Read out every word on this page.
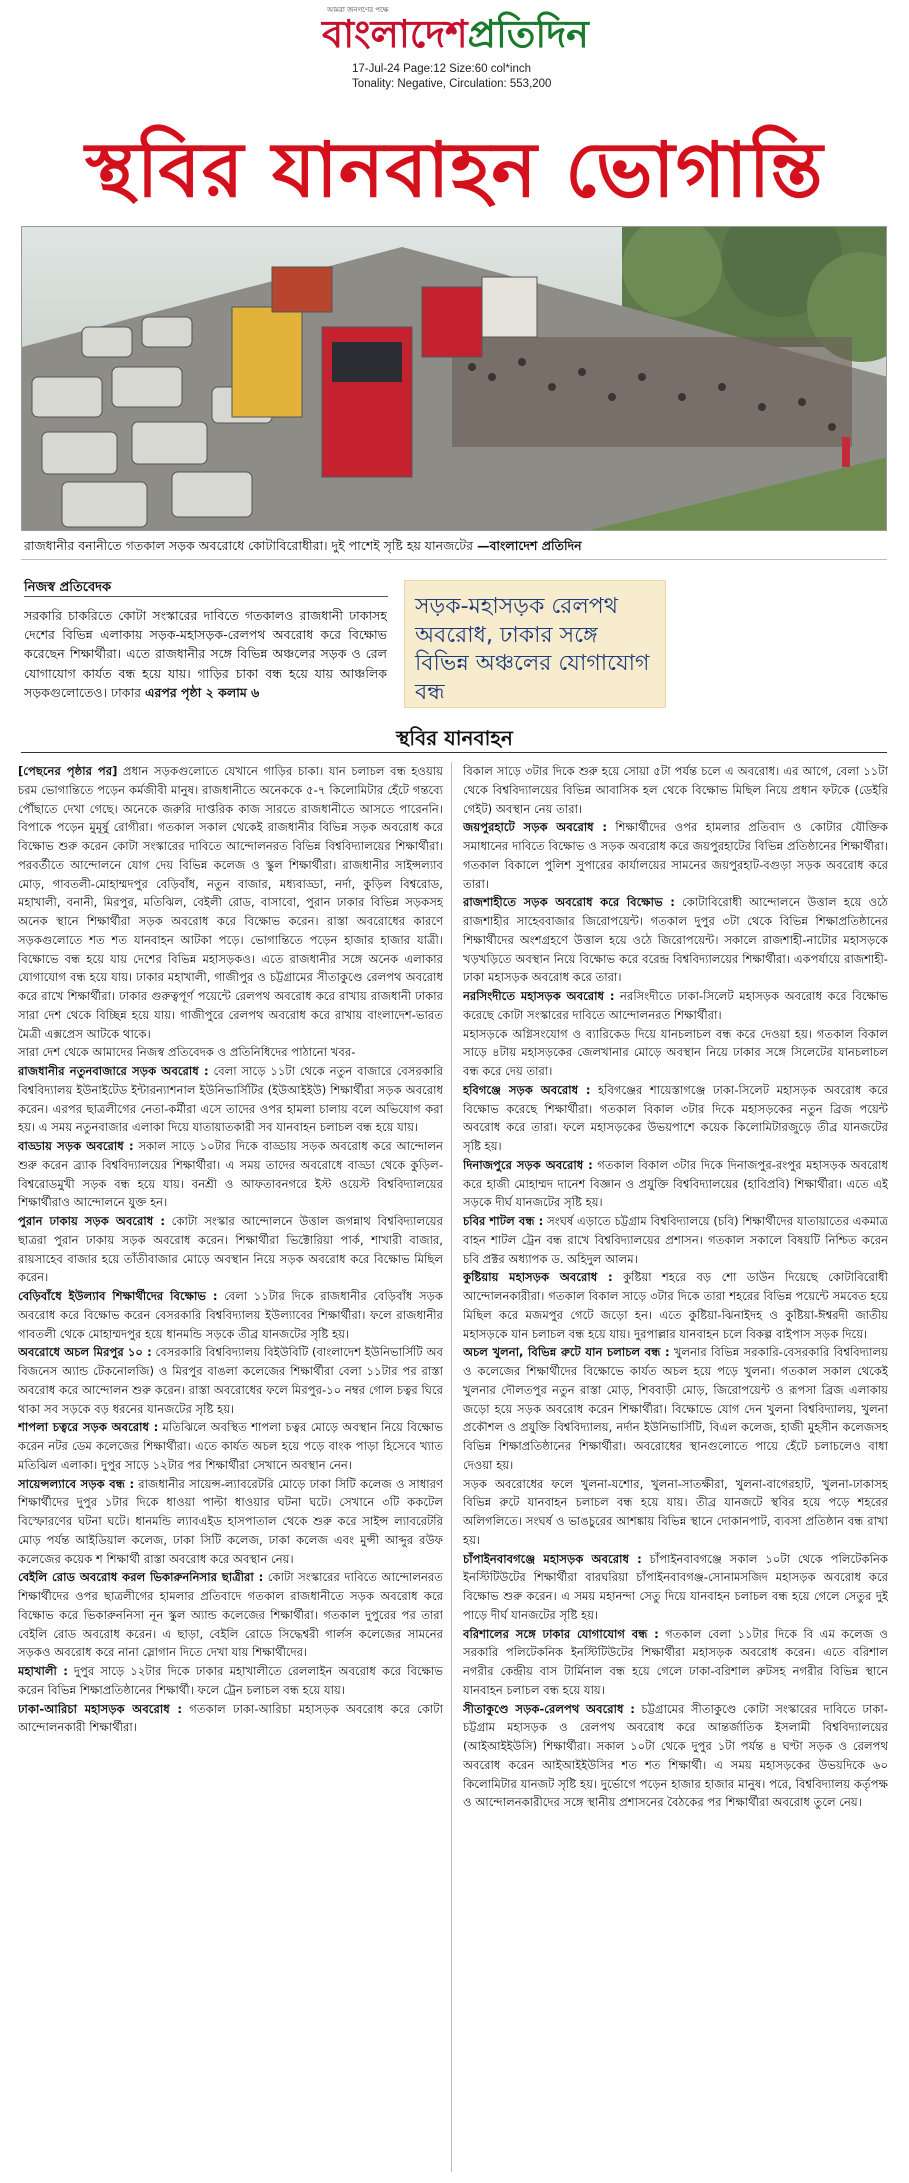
আমরা জনগণের পক্ষে
বাংলাদেশপ্রতিদিন
17-Jul-24 Page:12 Size:60 col*inch
Tonality: Negative, Circulation: 553,200
স্থবির যানবাহন ভোগান্তি
রাজধানীর বনানীতে গতকাল সড়ক অবরোধে কোটাবিরোধীরা। দুই পাশেই সৃষ্টি হয় যানজটের —বাংলাদেশ প্রতিদিন
নিজস্ব প্রতিবেদক
সরকারি চাকরিতে কোটা সংস্কারের দাবিতে গতকালও রাজধানী ঢাকাসহ দেশের বিভিন্ন এলাকায় সড়ক-মহাসড়ক-রেলপথ অবরোধ করে বিক্ষোভ করেছেন শিক্ষার্থীরা। এতে রাজধানীর সঙ্গে বিভিন্ন অঞ্চলের সড়ক ও রেল যোগাযোগ কার্যত বন্ধ হয়ে যায়। গাড়ির চাকা বন্ধ হয়ে যায় আঞ্চলিক সড়কগুলোতেও। ঢাকার এরপর পৃষ্ঠা ২ কলাম ৬
সড়ক-মহাসড়ক রেলপথ অবরোধ, ঢাকার সঙ্গে বিভিন্ন অঞ্চলের যোগাযোগ বন্ধ
স্থবির যানবাহন

[পেছনের পৃষ্ঠার পর] প্রধান সড়কগুলোতে যেখানে গাড়ির চাকা। যান চলাচল বন্ধ হওয়ায় চরম ভোগান্তিতে পড়েন কর্মজীবী মানুষ। রাজধানীতে অনেককে ৫-৭ কিলোমিটার হেঁটে গন্তব্যে পৌঁছাতে দেখা গেছে। অনেকে জরুরি দাপ্তরিক কাজ সারতে রাজধানীতে আসতে পারেননি। বিপাকে পড়েন মুমূর্ষু রোগীরা। গতকাল সকাল থেকেই রাজধানীর বিভিন্ন সড়ক অবরোধ করে বিক্ষোভ শুরু করেন কোটা সংস্কারের দাবিতে আন্দোলনরত বিভিন্ন বিশ্ববিদ্যালয়ের শিক্ষার্থীরা। পরবর্তীতে আন্দোলনে যোগ দেয় বিভিন্ন কলেজ ও স্কুল শিক্ষার্থীরা। রাজধানীর সাইন্সল্যাব মোড়, গাবতলী-মোহাম্মদপুর বেড়িবাঁধ, নতুন বাজার, মধ্যবাড্ডা, নর্দা, কুড়িল বিশ্বরোড, মহাখালী, বনানী, মিরপুর, মতিঝিল, বেইলী রোড, বাসাবো, পুরান ঢাকার বিভিন্ন সড়কসহ অনেক স্থানে শিক্ষার্থীরা সড়ক অবরোধ করে বিক্ষোভ করেন। রাস্তা অবরোধের কারণে সড়কগুলোতে শত শত যানবাহন আটকা পড়ে। ভোগান্তিতে পড়েন হাজার হাজার যাত্রী। বিক্ষোভে বন্ধ হয়ে যায় দেশের বিভিন্ন মহাসড়কও। এতে রাজধানীর সঙ্গে অনেক এলাকার যোগাযোগ বন্ধ হয়ে যায়। ঢাকার মহাখালী, গাজীপুর ও চট্টগ্রামের সীতাকুণ্ডে রেলপথ অবরোধ করে রাখে শিক্ষার্থীরা। ঢাকার গুরুত্বপূর্ণ পয়েন্টে রেলপথ অবরোধ করে রাখায় রাজধানী ঢাকার সারা দেশ থেকে বিচ্ছিন্ন হয়ে যায়। গাজীপুরে রেলপথ অবরোধ করে রাখায় বাংলাদেশ-ভারত মৈত্রী এক্সপ্রেস আটকে থাকে।

সারা দেশ থেকে আমাদের নিজস্ব প্রতিবেদক ও প্রতিনিধিদের পাঠানো খবর-

রাজধানীর নতুনবাজারে সড়ক অবরোধ : বেলা সাড়ে ১১টা থেকে নতুন বাজারে বেসরকারি বিশ্ববিদ্যালয় ইউনাইটেড ইন্টারন্যাশনাল ইউনিভার্সিটির (ইউআইইউ) শিক্ষার্থীরা সড়ক অবরোধ করেন। এরপর ছাত্রলীগের নেতা-কর্মীরা এসে তাদের ওপর হামলা চালায় বলে অভিযোগ করা হয়। এ সময় নতুনবাজার এলাকা দিয়ে যাতায়াতকারী সব যানবাহন চলাচল বন্ধ হয়ে যায়।

বাড্ডায় সড়ক অবরোধ : সকাল সাড়ে ১০টার দিকে বাড্ডায় সড়ক অবরোধ করে আন্দোলন শুরু করেন ব্র্যাক বিশ্ববিদ্যালয়ের শিক্ষার্থীরা। এ সময় তাদের অবরোধে বাড্ডা থেকে কুড়িল-বিশ্বরোডমুখী সড়ক বন্ধ হয়ে যায়। বনশ্রী ও আফতাবনগরে ইস্ট ওয়েস্ট বিশ্ববিদ্যালয়ের শিক্ষার্থীরাও আন্দোলনে যুক্ত হন।

পুরান ঢাকায় সড়ক অবরোধ : কোটা সংস্কার আন্দোলনে উত্তাল জগন্নাথ বিশ্ববিদ্যালয়ের ছাত্ররা পুরান ঢাকায় সড়ক অবরোধ করেন। শিক্ষার্থীরা ভিক্টোরিয়া পার্ক, শাখারী বাজার, রায়সাহেব বাজার হয়ে তাঁতীবাজার মোড়ে অবস্থান নিয়ে সড়ক অবরোধ করে বিক্ষোভ মিছিল করেন।

বেড়িবাঁধে ইউল্যাব শিক্ষার্থীদের বিক্ষোভ : বেলা ১১টার দিকে রাজধানীর বেড়িবাঁধ সড়ক অবরোধ করে বিক্ষোভ করেন বেসরকারি বিশ্ববিদ্যালয় ইউল্যাবের শিক্ষার্থীরা। ফলে রাজধানীর গাবতলী থেকে মোহাম্মদপুর হয়ে ধানমন্ডি সড়কে তীব্র যানজটের সৃষ্টি হয়।

অবরোধে অচল মিরপুর ১০ : বেসরকারি বিশ্ববিদ্যালয় বিইউবিটি (বাংলাদেশ ইউনিভার্সিটি অব বিজনেস অ্যান্ড টেকনোলজি) ও মিরপুর বাঙলা কলেজের শিক্ষার্থীরা বেলা ১১টার পর রাস্তা অবরোধ করে আন্দোলন শুরু করেন। রাস্তা অবরোধের ফলে মিরপুর-১০ নম্বর গোল চত্বর ঘিরে থাকা সব সড়কে বড় ধরনের যানজটের সৃষ্টি হয়।

শাপলা চত্বরে সড়ক অবরোধ : মতিঝিলে অবস্থিত শাপলা চত্বর মোড়ে অবস্থান নিয়ে বিক্ষোভ করেন নটর ডেম কলেজের শিক্ষার্থীরা। এতে কার্যত অচল হয়ে পড়ে বাংক পাড়া হিসেবে খ্যাত মতিঝিল এলাকা। দুপুর সাড়ে ১২টার পর শিক্ষার্থীরা সেখানে অবস্থান নেন।

সায়েন্সল্যাবে সড়ক বন্ধ : রাজধানীর সায়েন্স-ল্যাবরেটরি মোড়ে ঢাকা সিটি কলেজ ও সাধারণ শিক্ষার্থীদের দুপুর ১টার দিকে ধাওয়া পাল্টা ধাওয়ার ঘটনা ঘটে। সেখানে ৩টি ককটেল বিস্ফোরণের ঘটনা ঘটে। ধানমন্ডি ল্যাবএইড হাসপাতাল থেকে শুরু করে সাইন্স ল্যাবরেটরি মোড় পর্যন্ত আইডিয়াল কলেজ, ঢাকা সিটি কলেজ, ঢাকা কলেজ এবং মুন্সী আব্দুর রউফ কলেজের কয়েক শ শিক্ষার্থী রাস্তা অবরোধ করে অবস্থান নেয়।

বেইলি রোড অবরোধ করল ভিকারুননিসার ছাত্রীরা : কোটা সংস্কারের দাবিতে আন্দোলনরত শিক্ষার্থীদের ওপর ছাত্রলীগের হামলার প্রতিবাদে গতকাল রাজধানীতে সড়ক অবরোধ করে বিক্ষোভ করে ভিকারুননিসা নূন স্কুল অ্যান্ড কলেজের শিক্ষার্থীরা। গতকাল দুপুরের পর তারা বেইলি রোড অবরোধ করেন। এ ছাড়া, বেইলি রোডে সিদ্ধেশ্বরী গার্লস কলেজের সামনের সড়কও অবরোধ করে নানা স্লোগান দিতে দেখা যায় শিক্ষার্থীদের।

মহাখালী : দুপুর সাড়ে ১২টার দিকে ঢাকার মহাখালীতে রেললাইন অবরোধ করে বিক্ষোভ করেন বিভিন্ন শিক্ষাপ্রতিষ্ঠানের শিক্ষার্থী। ফলে ট্রেন চলাচল বন্ধ হয়ে যায়।

ঢাকা-আরিচা মহাসড়ক অবরোধ : গতকাল ঢাকা-আরিচা মহাসড়ক অবরোধ করে কোটা আন্দোলনকারী শিক্ষার্থীরা।

বিকাল সাড়ে ৩টার দিকে শুরু হয়ে সোয়া ৫টা পর্যন্ত চলে এ অবরোধ। এর আগে, বেলা ১১টা থেকে বিশ্ববিদ্যালয়ের বিভিন্ন আবাসিক হল থেকে বিক্ষোভ মিছিল নিয়ে প্রধান ফটকে (ডেইরি গেইট) অবস্থান নেয় তারা।

জয়পুরহাটে সড়ক অবরোধ : শিক্ষার্থীদের ওপর হামলার প্রতিবাদ ও কোটার যৌক্তিক সমাধানের দাবিতে বিক্ষোভ ও সড়ক অবরোধ করে জয়পুরহাটের বিভিন্ন প্রতিষ্ঠানের শিক্ষার্থীরা। গতকাল বিকালে পুলিশ সুপারের কার্যালয়ের সামনের জয়পুরহাট-বগুড়া সড়ক অবরোধ করে তারা।

রাজশাহীতে সড়ক অবরোধ করে বিক্ষোভ : কোটাবিরোধী আন্দোলনে উত্তাল হয়ে ওঠে রাজশাহীর সাহেববাজার জিরোপয়েন্ট। গতকাল দুপুর ৩টা থেকে বিভিন্ন শিক্ষাপ্রতিষ্ঠানের শিক্ষার্থীদের অংশগ্রহণে উত্তাল হয়ে ওঠে জিরোপয়েন্ট। সকালে রাজশাহী-নাটোর মহাসড়কে খড়খড়িতে অবস্থান নিয়ে বিক্ষোভ করে বরেন্দ্র বিশ্ববিদ্যালয়ের শিক্ষার্থীরা। একপর্যায়ে রাজশাহী-ঢাকা মহাসড়ক অবরোধ করে তারা।

নরসিংদীতে মহাসড়ক অবরোধ : নরসিংদীতে ঢাকা-সিলেট মহাসড়ক অবরোধ করে বিক্ষোভ করেছে কোটা সংস্কারের দাবিতে আন্দোলনরত শিক্ষার্থীরা।

মহাসড়কে অগ্নিসংযোগ ও ব্যারিকেড দিয়ে যানচলাচল বন্ধ করে দেওয়া হয়। গতকাল বিকাল সাড়ে ৪টায় মহাসড়কের জেলখানার মোড়ে অবস্থান নিয়ে ঢাকার সঙ্গে সিলেটের যানচলাচল বন্ধ করে দেয় তারা।

হবিগঞ্জে সড়ক অবরোধ : হবিগঞ্জের শায়েস্তাগঞ্জে ঢাকা-সিলেট মহাসড়ক অবরোধ করে বিক্ষোভ করেছে শিক্ষার্থীরা। গতকাল বিকাল ৩টার দিকে মহাসড়কের নতুন ব্রিজ পয়েন্ট অবরোধ করে তারা। ফলে মহাসড়কের উভয়পাশে কয়েক কিলোমিটারজুড়ে তীব্র যানজটের সৃষ্টি হয়।

দিনাজপুরে সড়ক অবরোধ : গতকাল বিকাল ৩টার দিকে দিনাজপুর-রংপুর মহাসড়ক অবরোধ করে হাজী মোহাম্মদ দানেশ বিজ্ঞান ও প্রযুক্তি বিশ্ববিদ্যালয়ের (হাবিপ্রবি) শিক্ষার্থীরা। এতে এই সড়কে দীর্ঘ যানজটের সৃষ্টি হয়।

চবির শাটল বন্ধ : সংঘর্ষ এড়াতে চট্টগ্রাম বিশ্ববিদ্যালয়ে (চবি) শিক্ষার্থীদের যাতায়াতের একমাত্র বাহন শাটল ট্রেন বন্ধ রাখে বিশ্ববিদ্যালয়ের প্রশাসন। গতকাল সকালে বিষয়টি নিশ্চিত করেন চবি প্রক্টর অধ্যাপক ড. অহিদুল আলম।

কুষ্টিয়ায় মহাসড়ক অবরোধ : কুষ্টিয়া শহরে বড় শো ডাউন দিয়েছে কোটাবিরোধী আন্দোলনকারীরা। গতকাল বিকাল সাড়ে ৩টার দিকে তারা শহরের বিভিন্ন পয়েন্টে সমবেত হয়ে মিছিল করে মজমপুর গেটে জড়ো হন। এতে কুষ্টিয়া-ঝিনাইদহ ও কুষ্টিয়া-ঈশ্বরদী জাতীয় মহাসড়কে যান চলাচল বন্ধ হয়ে যায়। দুরপাল্লার যানবাহন চলে বিকল্প বাইপাস সড়ক দিয়ে।

অচল খুলনা, বিভিন্ন রুটে যান চলাচল বন্ধ : খুলনার বিভিন্ন সরকারি-বেসরকারি বিশ্ববিদ্যালয় ও কলেজের শিক্ষার্থীদের বিক্ষোভে কার্যত অচল হয়ে পড়ে খুলনা। গতকাল সকাল থেকেই খুলনার দৌলতপুর নতুন রাস্তা মোড়, শিববাড়ী মোড়, জিরোপয়েন্ট ও রূপসা ব্রিজ এলাকায় জড়ো হয়ে সড়ক অবরোধ করেন শিক্ষার্থীরা। বিক্ষোভে যোগ দেন খুলনা বিশ্ববিদ্যালয়, খুলনা প্রকৌশল ও প্রযুক্তি বিশ্ববিদ্যালয়, নর্দান ইউনিভার্সিটি, বিএল কলেজ, হাজী মুহসীন কলেজসহ বিভিন্ন শিক্ষাপ্রতিষ্ঠানের শিক্ষার্থীরা। অবরোধের স্থানগুলোতে পায়ে হেঁটে চলাচলেও বাধা দেওয়া হয়।

সড়ক অবরোধের ফলে খুলনা-যশোর, খুলনা-সাতক্ষীরা, খুলনা-বাগেরহাট, খুলনা-ঢাকাসহ বিভিন্ন রুটে যানবাহন চলাচল বন্ধ হয়ে যায়। তীব্র যানজটে স্থবির হয়ে পড়ে শহরের অলিগলিতে। সংঘর্ষ ও ভাঙচুরের আশঙ্কায় বিভিন্ন স্থানে দোকানপাট, ব্যবসা প্রতিষ্ঠান বন্ধ রাখা হয়।

চাঁপাইনবাবগঞ্জে মহাসড়ক অবরোধ : চাঁপাইনবাবগঞ্জে সকাল ১০টা থেকে পলিটেকনিক ইনস্টিটিউটের শিক্ষার্থীরা বারঘরিয়া চাঁপাইনবাবগঞ্জ-সোনামসজিদ মহাসড়ক অবরোধ করে বিক্ষোভ শুরু করেন। এ সময় মহানন্দা সেতু দিয়ে যানবাহন চলাচল বন্ধ হয়ে গেলে সেতুর দুই পাড়ে দীর্ঘ যানজটের সৃষ্টি হয়।

বরিশালের সঙ্গে ঢাকার যোগাযোগ বন্ধ : গতকাল বেলা ১১টার দিকে বি এম কলেজ ও সরকারি পলিটেকনিক ইনস্টিটিউটের শিক্ষার্থীরা মহাসড়ক অবরোধ করেন। এতে বরিশাল নগরীর কেন্দ্রীয় বাস টার্মিনাল বন্ধ হয়ে গেলে ঢাকা-বরিশাল রুটসহ নগরীর বিভিন্ন স্থানে যানবাহন চলাচল বন্ধ হয়ে যায়।

সীতাকুণ্ডে সড়ক-রেলপথ অবরোধ : চট্টগ্রামের সীতাকুণ্ডে কোটা সংস্কারের দাবিতে ঢাকা-চট্টগ্রাম মহাসড়ক ও রেলপথ অবরোধ করে আন্তর্জাতিক ইসলামী বিশ্ববিদ্যালয়ের (আইআইইউসি) শিক্ষার্থীরা। সকাল ১০টা থেকে দুপুর ১টা পর্যন্ত ৪ ঘণ্টা সড়ক ও রেলপথ অবরোধ করেন আইআইইউসির শত শত শিক্ষার্থী। এ সময় মহাসড়কের উভয়দিকে ৬০ কিলোমিটার যানজট সৃষ্টি হয়। দুর্ভোগে পড়েন হাজার হাজার মানুষ। পরে, বিশ্ববিদ্যালয় কর্তৃপক্ষ ও আন্দোলনকারীদের সঙ্গে স্থানীয় প্রশাসনের বৈঠকের পর শিক্ষার্থীরা অবরোধ তুলে নেয়।
